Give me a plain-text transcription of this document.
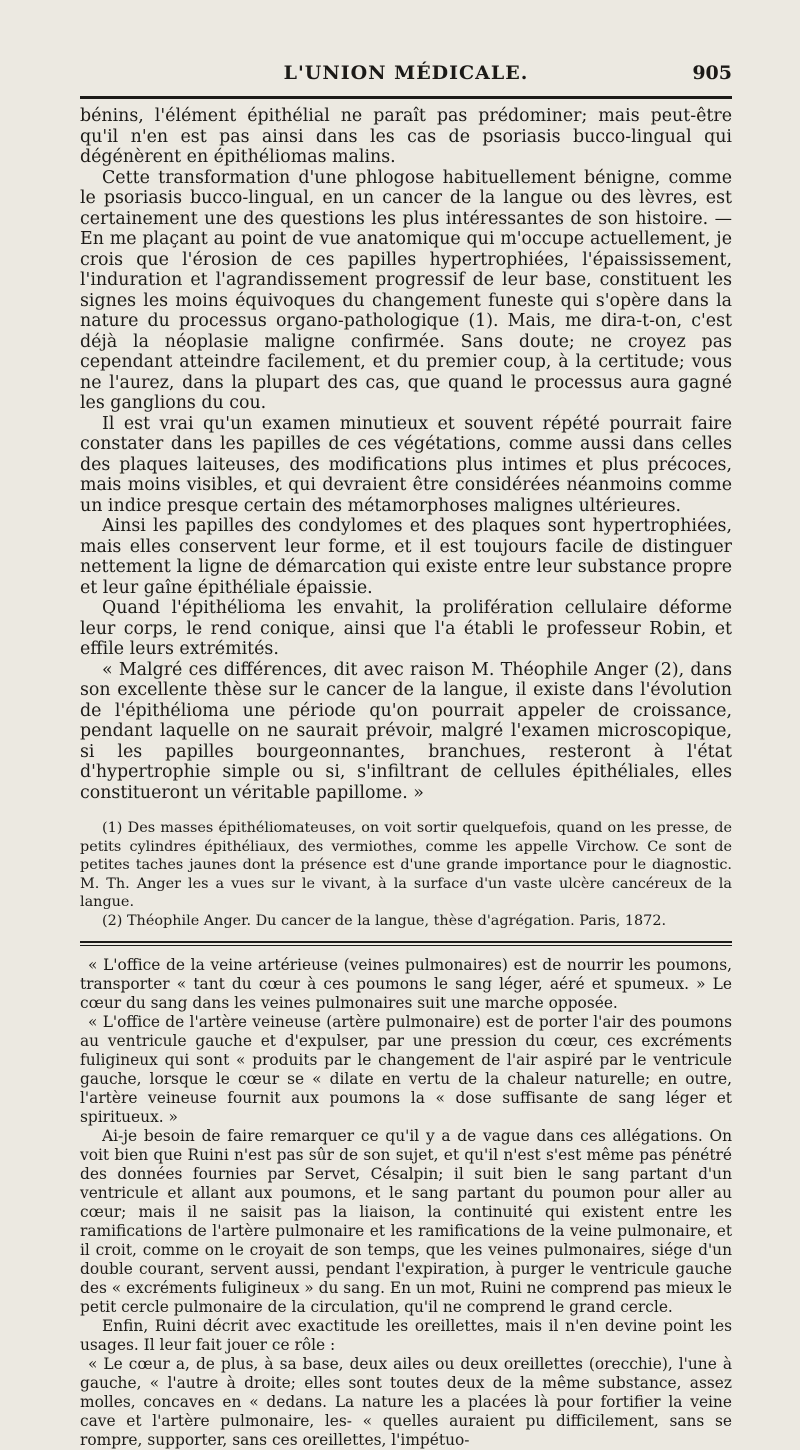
L'UNION MÉDICALE.	905

bénins, l'élément épithélial ne paraît pas prédominer; mais peut-être qu'il n'en est pas ainsi dans les cas de psoriasis bucco-lingual qui dégénèrent en épithéliomas malins.

Cette transformation d'une phlogose habituellement bénigne, comme le psoriasis bucco-lingual, en un cancer de la langue ou des lèvres, est certainement une des questions les plus intéressantes de son histoire. — En me plaçant au point de vue anatomique qui m'occupe actuellement, je crois que l'érosion de ces papilles hypertrophiées, l'épaississement, l'induration et l'agrandissement progressif de leur base, constituent les signes les moins équivoques du changement funeste qui s'opère dans la nature du processus organo-pathologique (1). Mais, me dira-t-on, c'est déjà la néoplasie maligne confirmée. Sans doute; ne croyez pas cependant atteindre facilement, et du premier coup, à la certitude; vous ne l'aurez, dans la plupart des cas, que quand le processus aura gagné les ganglions du cou.

Il est vrai qu'un examen minutieux et souvent répété pourrait faire constater dans les papilles de ces végétations, comme aussi dans celles des plaques laiteuses, des modifications plus intimes et plus précoces, mais moins visibles, et qui devraient être considérées néanmoins comme un indice presque certain des métamorphoses malignes ultérieures.

Ainsi les papilles des condylomes et des plaques sont hypertrophiées, mais elles conservent leur forme, et il est toujours facile de distinguer nettement la ligne de démarcation qui existe entre leur substance propre et leur gaîne épithéliale épaissie.

Quand l'épithélioma les envahit, la prolifération cellulaire déforme leur corps, le rend conique, ainsi que l'a établi le professeur Robin, et effile leurs extrémités.

« Malgré ces différences, dit avec raison M. Théophile Anger (2), dans son excellente thèse sur le cancer de la langue, il existe dans l'évolution de l'épithélioma une période qu'on pourrait appeler de croissance, pendant laquelle on ne saurait prévoir, malgré l'examen microscopique, si les papilles bourgeonnantes, branchues, resteront à l'état d'hypertrophie simple ou si, s'infiltrant de cellules épithéliales, elles constitueront un véritable papillome. »

(1) Des masses épithéliomateuses, on voit sortir quelquefois, quand on les presse, de petits cylindres épithéliaux, des vermiothes, comme les appelle Virchow. Ce sont de petites taches jaunes dont la présence est d'une grande importance pour le diagnostic. M. Th. Anger les a vues sur le vivant, à la surface d'un vaste ulcère cancéreux de la langue.

(2) Théophile Anger. Du cancer de la langue, thèse d'agrégation. Paris, 1872.

« L'office de la veine artérieuse (veines pulmonaires) est de nourrir les poumons, transporter « tant du cœur à ces poumons le sang léger, aéré et spumeux. » Le cœur du sang dans les veines pulmonaires suit une marche opposée.

« L'office de l'artère veineuse (artère pulmonaire) est de porter l'air des poumons au ventricule gauche et d'expulser, par une pression du cœur, ces excréments fuligineux qui sont « produits par le changement de l'air aspiré par le ventricule gauche, lorsque le cœur se « dilate en vertu de la chaleur naturelle; en outre, l'artère veineuse fournit aux poumons la « dose suffisante de sang léger et spiritueux. »

Ai-je besoin de faire remarquer ce qu'il y a de vague dans ces allégations. On voit bien que Ruini n'est pas sûr de son sujet, et qu'il n'est s'est même pas pénétré des données fournies par Servet, Césalpin; il suit bien le sang partant d'un ventricule et allant aux poumons, et le sang partant du poumon pour aller au cœur; mais il ne saisit pas la liaison, la continuité qui existent entre les ramifications de l'artère pulmonaire et les ramifications de la veine pulmonaire, et il croit, comme on le croyait de son temps, que les veines pulmonaires, siége d'un double courant, servent aussi, pendant l'expiration, à purger le ventricule gauche des « excréments fuligineux » du sang. En un mot, Ruini ne comprend pas mieux le petit cercle pulmonaire de la circulation, qu'il ne comprend le grand cercle.

Enfin, Ruini décrit avec exactitude les oreillettes, mais il n'en devine point les usages. Il leur fait jouer ce rôle :

« Le cœur a, de plus, à sa base, deux ailes ou deux oreillettes (orecchie), l'une à gauche, « l'autre à droite; elles sont toutes deux de la même substance, assez molles, concaves en « dedans. La nature les a placées là pour fortifier la veine cave et l'artère pulmonaire, les- « quelles auraient pu difficilement, sans se rompre, supporter, sans ces oreillettes, l'impétuo-
